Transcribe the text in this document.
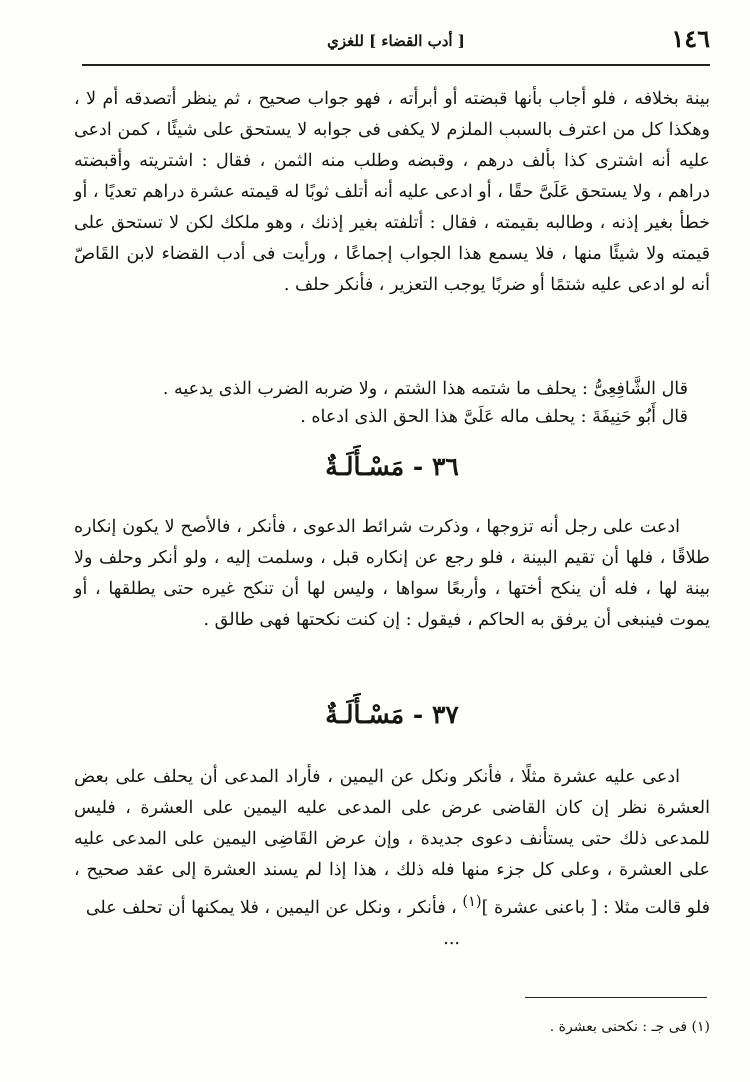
١٤٦
[ أدب القضاء ] للغزي

بينة بخلافه ، فلو أجاب بأنها قبضته أو أبرأته ، فهو جواب صحيح ، ثم ينظر أتصدقه أم لا ، وهكذا كل من اعترف بالسبب الملزم لا يكفى فى جوابه لا يستحق على شيئًا ، كمن ادعى عليه أنه اشترى كذا بألف درهم ، وقبضه وطلب منه الثمن ، فقال : اشتريته وأقبضته دراهم ، ولا يستحق عَلَىَّ حقًا ، أو ادعى عليه أنه أتلف ثوبًا له قيمته عشرة دراهم تعديًا ، أو خطأ بغير إذنه ، وطالبه بقيمته ، فقال : أتلفته بغير إذنك ، وهو ملكك لكن لا تستحق على قيمته ولا شيئًا منها ، فلا يسمع هذا الجواب إجماعًا ، ورأيت فى أدب القضاء لابن القَاصّ أنه لو ادعى عليه شتمًا أو ضربًا يوجب التعزير ، فأنكر حلف .

قال الشَّافِعِىُّ : يحلف ما شتمه هذا الشتم ، ولا ضربه الضرب الذى يدعيه .

قال أَبُو حَنِيفَةَ : يحلف ماله عَلَىَّ هذا الحق الذى ادعاه .

٣٦ - مَسْـأَلَـةٌ

ادعت على رجل أنه تزوجها ، وذكرت شرائط الدعوى ، فأنكر ، فالأصح لا يكون إنكاره طلاقًا ، فلها أن تقيم البينة ، فلو رجع عن إنكاره قبل ، وسلمت إليه ، ولو أنكر وحلف ولا بينة لها ، فله أن ينكح أختها ، وأربعًا سواها ، وليس لها أن تنكح غيره حتى يطلقها ، أو يموت فينبغى أن يرفق به الحاكم ، فيقول : إن كنت نكحتها فهى طالق .

٣٧ - مَسْـأَلَـةٌ

ادعى عليه عشرة مثلًا ، فأنكر ونكل عن اليمين ، فأراد المدعى أن يحلف على بعض العشرة نظر إن كان القاضى عرض على المدعى عليه اليمين على العشرة ، فليس للمدعى ذلك حتى يستأنف دعوى جديدة ، وإن عرض القَاضِى اليمين على المدعى عليه على العشرة ، وعلى كل جزء منها فله ذلك ، هذا إذا لم يسند العشرة إلى عقد صحيح ، فلو قالت مثلا : [ باعنى عشرة ]$^{(١)}$ ، فأنكر ، ونكل عن اليمين ، فلا يمكنها أن تحلف على

...

(١) فى جـ : نكحنى بعشرة .
